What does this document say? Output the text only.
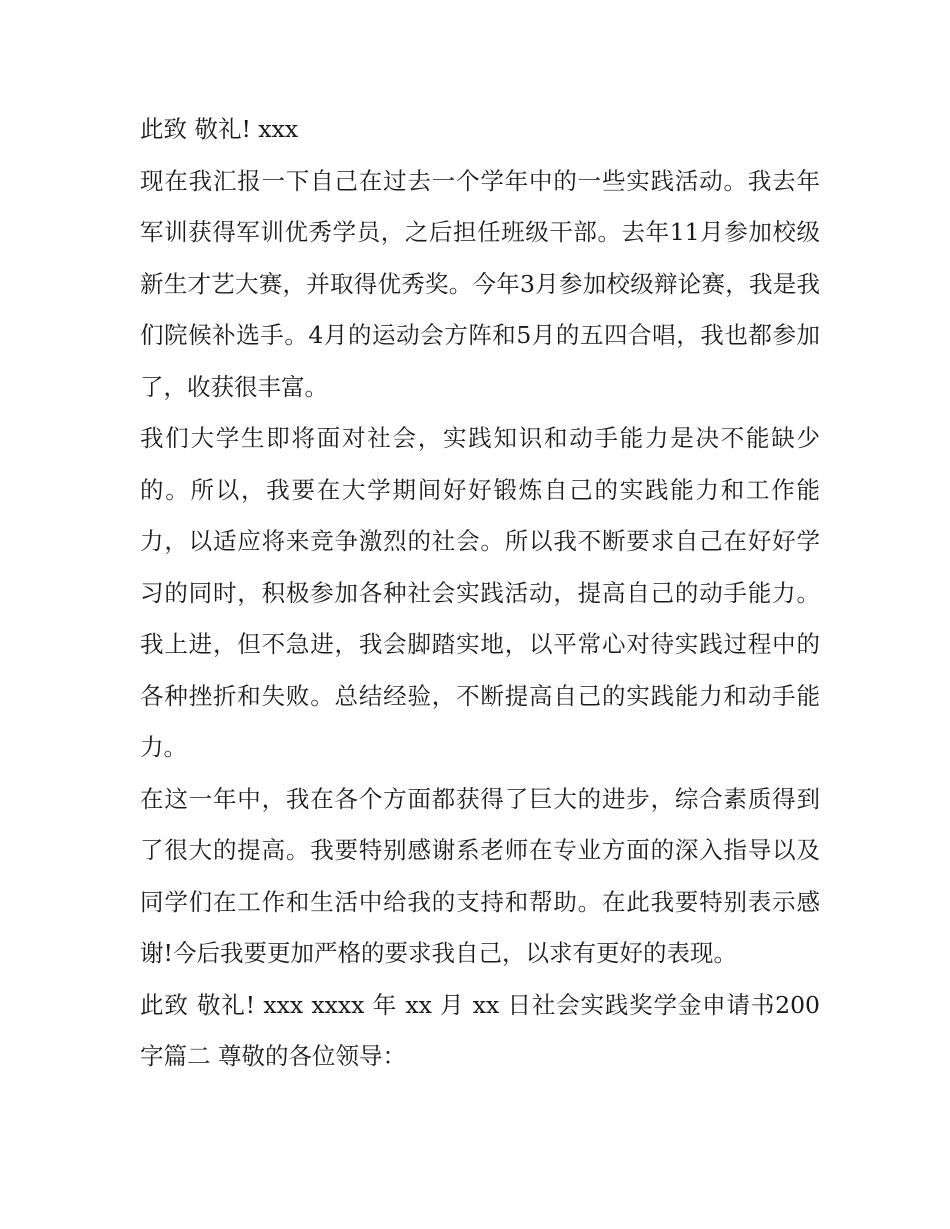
此致 敬礼! xxx

现在我汇报一下自己在过去一个学年中的一些实践活动。我去年军训获得军训优秀学员，之后担任班级干部。去年11月参加校级新生才艺大赛，并取得优秀奖。今年3月参加校级辩论赛，我是我们院候补选手。4月的运动会方阵和5月的五四合唱，我也都参加了，收获很丰富。

我们大学生即将面对社会，实践知识和动手能力是决不能缺少的。所以，我要在大学期间好好锻炼自己的实践能力和工作能力，以适应将来竞争激烈的社会。所以我不断要求自己在好好学习的同时，积极参加各种社会实践活动，提高自己的动手能力。我上进，但不急进，我会脚踏实地，以平常心对待实践过程中的各种挫折和失败。总结经验，不断提高自己的实践能力和动手能力。

在这一年中，我在各个方面都获得了巨大的进步，综合素质得到了很大的提高。我要特别感谢系老师在专业方面的深入指导以及同学们在工作和生活中给我的支持和帮助。在此我要特别表示感谢!今后我要更加严格的要求我自己，以求有更好的表现。

此致 敬礼! xxx xxxx 年 xx 月 xx 日社会实践奖学金申请书200字篇二 尊敬的各位领导：
